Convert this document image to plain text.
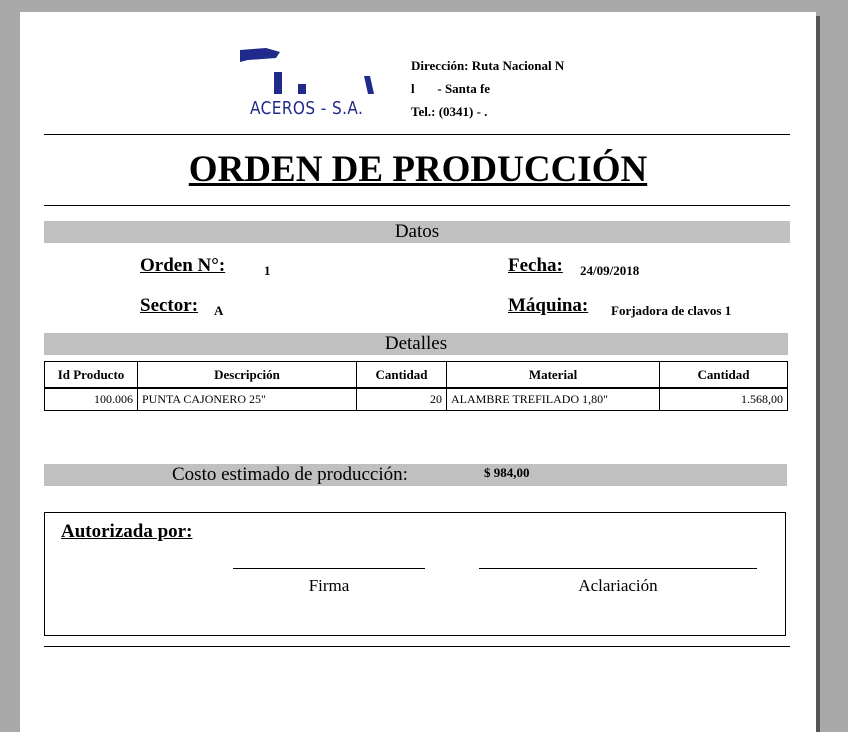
ACEROS - S.A.
Dirección: Ruta Nacional N
l       - Santa fe
Tel.: (0341) - .
ORDEN DE PRODUCCIÓN
Datos
Orden N°:	1	Fecha: 24/09/2018
Sector: A	Máquina: Forjadora de clavos 1
Detalles
Id Producto	Descripción	Cantidad	Material	Cantidad
100.006	PUNTA CAJONERO 25"	20	ALAMBRE TREFILADO 1,80"	1.568,00
Costo estimado de producción:	$ 984,00
Autorizada por:
Firma	Aclariación
